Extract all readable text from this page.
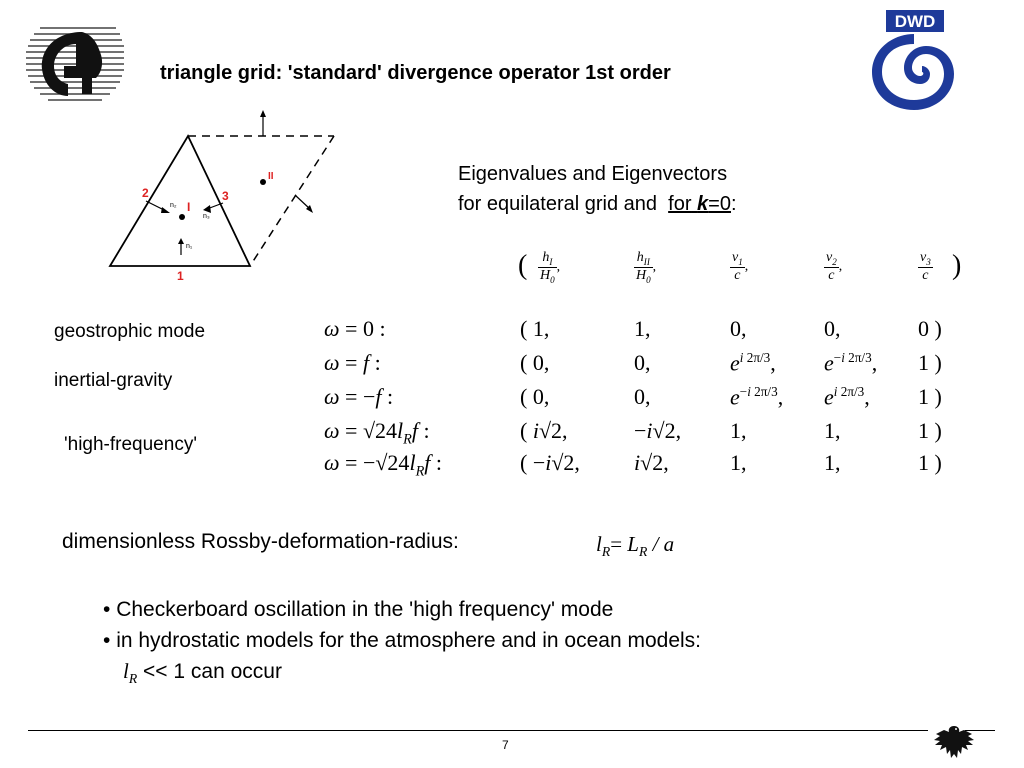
triangle grid: 'standard' divergence operator 1st order
DWD
2	3
1
n₂
n₃
n₁
I
II	Eigenvalues and Eigenvectors
for equilateral grid and  for k=0:
( $\frac{h_I}{H_0}$ ,	$\frac{h_{II}}{H_0}$ ,	$\frac{v_1}{c}$ ,	$\frac{v_2}{c}$ ,	$\frac{v_3}{c}$ )
geostrophic mode
inertial-gravity
'high-frequency'
ω = 0 :	( 1,	1,	0,	0,	0 )
ω = f :	( 0,	0,	$e^{i 2\pi/3}$, $e^{-i 2\pi/3}$, 1 )
ω = −f :	( 0,	0,	$e^{-i 2\pi/3}$, $e^{i 2\pi/3}$, 1 )
$\omega = √24l_Rf$ :	( i√2,	−i√2, 1,	1,	1 )
$\omega = -√24l_Rf$ :	( −i√2, i√2,	1,	1,	1 )
dimensionless Rossby-deformation-radius:	$l_R= L_R / a$
• Checkerboard oscillation in the 'high frequency' mode
• in hydrostatic models for the atmosphere and in ocean models:
$l_R << 1$ can occur
7
